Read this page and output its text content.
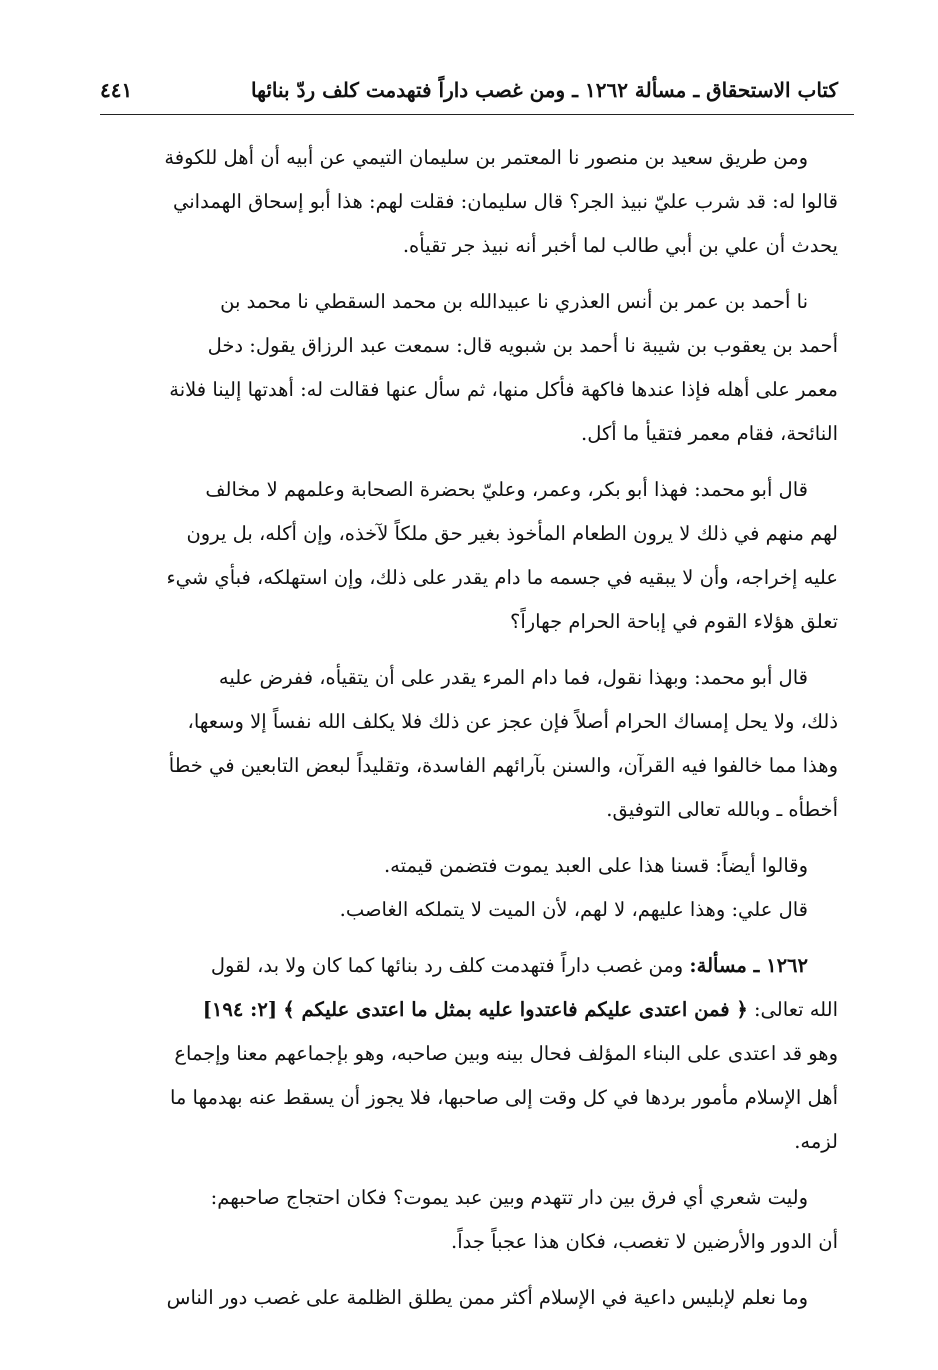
كتاب الاستحقاق ـ مسألة ١٢٦٢ ـ ومن غصب داراً فتهدمت كلف ردّ بنائها
٤٤١

ومن طريق سعيد بن منصور نا المعتمر بن سليمان التيمي عن أبيه أن أهل للكوفة
قالوا له: قد شرب عليّ نبيذ الجر؟ قال سليمان: فقلت لهم: هذا أبو إسحاق الهمداني
يحدث أن علي بن أبي طالب لما أخبر أنه نبيذ جر تقيأه.

نا أحمد بن عمر بن أنس العذري نا عبيدالله بن محمد السقطي نا محمد بن
أحمد بن يعقوب بن شيبة نا أحمد بن شبويه قال: سمعت عبد الرزاق يقول: دخل
معمر على أهله فإذا عندها فاكهة فأكل منها، ثم سأل عنها فقالت له: أهدتها إلينا فلانة
النائحة، فقام معمر فتقيأ ما أكل.

قال أبو محمد: فهذا أبو بكر، وعمر، وعليّ بحضرة الصحابة وعلمهم لا مخالف
لهم منهم في ذلك لا يرون الطعام المأخوذ بغير حق ملكاً لآخذه، وإن أكله، بل يرون
عليه إخراجه، وأن لا يبقيه في جسمه ما دام يقدر على ذلك، وإن استهلكه، فبأي شيء
تعلق هؤلاء القوم في إباحة الحرام جهاراً؟

قال أبو محمد: وبهذا نقول، فما دام المرء يقدر على أن يتقيأه، ففرض عليه
ذلك، ولا يحل إمساك الحرام أصلاً فإن عجز عن ذلك فلا يكلف الله نفساً إلا وسعها،
وهذا مما خالفوا فيه القرآن، والسنن بآرائهم الفاسدة، وتقليداً لبعض التابعين في خطأ
أخطأه ـ وبالله تعالى التوفيق.

وقالوا أيضاً: قسنا هذا على العبد يموت فتضمن قيمته.

قال علي: وهذا عليهم، لا لهم، لأن الميت لا يتملكه الغاصب.

١٢٦٢ ـ مسألة: ومن غصب داراً فتهدمت كلف رد بنائها كما كان ولا بد، لقول
الله تعالى: ﴿ فمن اعتدى عليكم فاعتدوا عليه بمثل ما اعتدى عليكم ﴾ [٢: ١٩٤]
وهو قد اعتدى على البناء المؤلف فحال بينه وبين صاحبه، وهو بإجماعهم معنا وإجماع
أهل الإسلام مأمور بردها في كل وقت إلى صاحبها، فلا يجوز أن يسقط عنه بهدمها ما
لزمه.

وليت شعري أي فرق بين دار تتهدم وبين عبد يموت؟ فكان احتجاج صاحبهم:
أن الدور والأرضين لا تغصب، فكان هذا عجباً جداً.

وما نعلم لإبليس داعية في الإسلام أكثر ممن يطلق الظلمة على غصب دور الناس
